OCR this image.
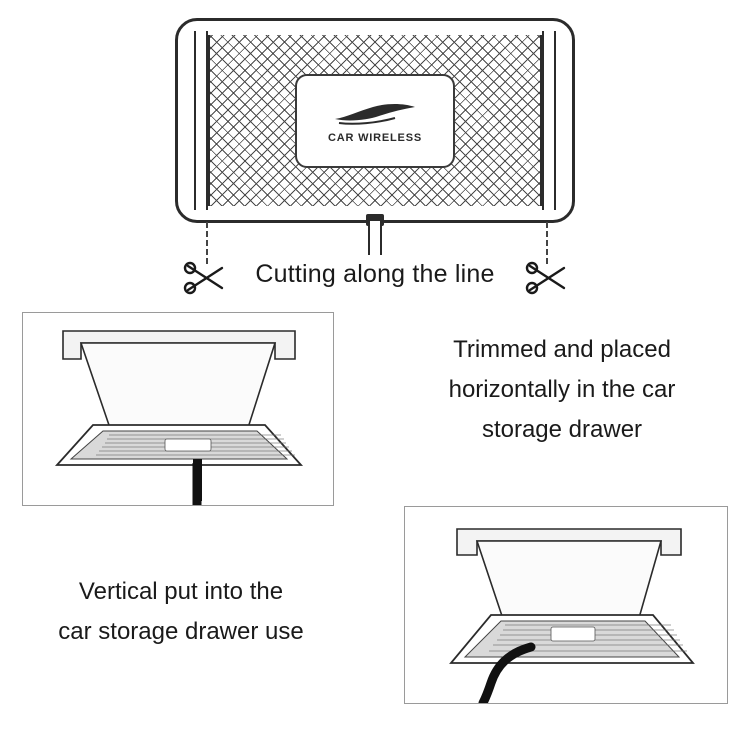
CAR WIRELESS
Cutting along the line
Trimmed and placed
horizontally in the car
storage drawer
Vertical put into the
car storage drawer use
